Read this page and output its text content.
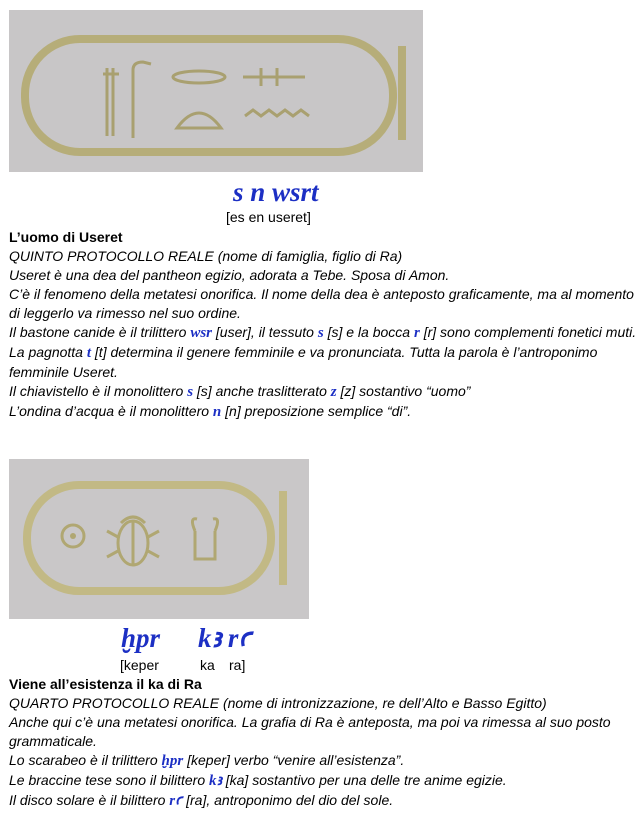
s n wsrt
[es en useret]
L’uomo di Useret
QUINTO PROTOCOLLO REALE (nome di famiglia, figlio di Ra)
Useret è una dea del pantheon egizio, adorata a Tebe. Sposa di Amon.
C’è il fenomeno della metatesi onorifica. Il nome della dea è anteposto graficamente, ma al momento di leggerlo va rimesso nel suo ordine.
Il bastone canide è il trilittero wsr [user], il tessuto s [s] e la bocca r [r] sono complementi fonetici muti.
La pagnotta t [t] determina il genere femminile e va pronunciata. Tutta la parola è l’antroponimo femminile Useret.
Il chiavistello è il monolittero s [s] anche traslitterato z [z] sostantivo “uomo”
L’ondina d’acqua è il monolittero n [n] preposizione semplice “di”.
ḫpr kꜣ rꜥ
[keper	ka ra]
Viene all’esistenza il ka di Ra
QUARTO PROTOCOLLO REALE (nome di intronizzazione, re dell’Alto e Basso Egitto)
Anche qui c’è una metatesi onorifica. La grafia di Ra è anteposta, ma poi va rimessa al suo posto grammaticale.
Lo scarabeo è il trilittero ḫpr [keper] verbo “venire all’esistenza”.
Le braccine tese sono il bilittero kꜣ [ka] sostantivo per una delle tre anime egizie.
Il disco solare è il bilittero rꜥ [ra], antroponimo del dio del sole.
